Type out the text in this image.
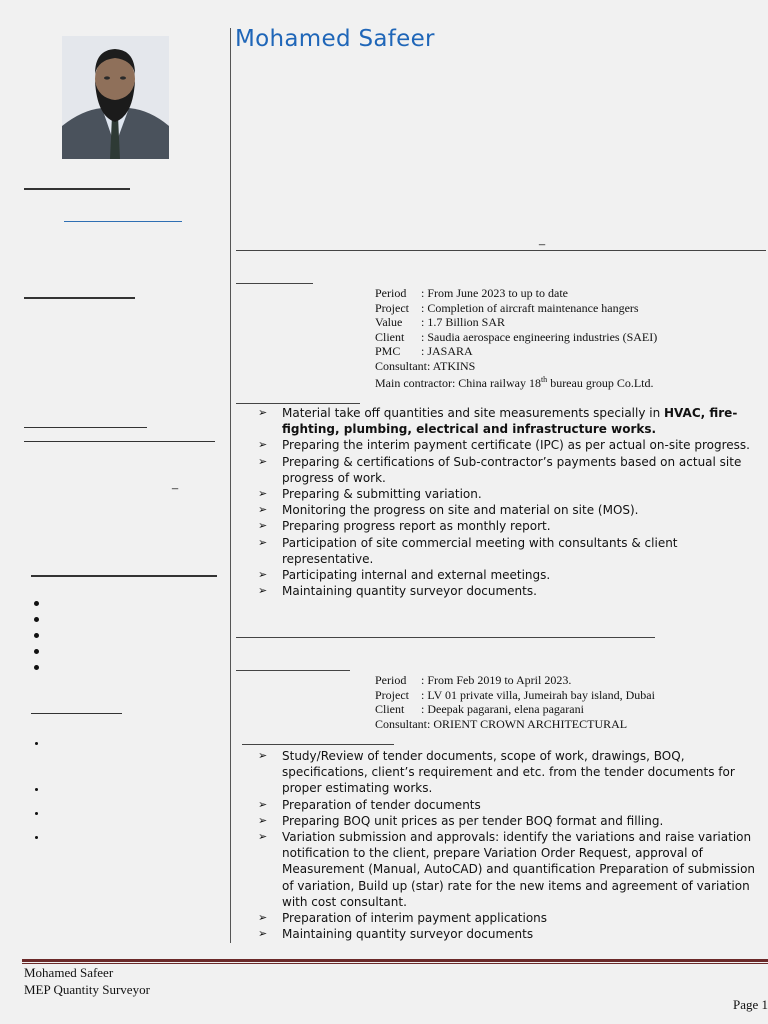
_
Mohamed Safeer
_
Period : From June 2023 to up to date
Project : Completion of aircraft maintenance hangers
Value : 1.7 Billion SAR
Client : Saudia aerospace engineering industries (SAEI)
PMC : JASARA
Consultant: ATKINS
Main contractor: China railway 18th bureau group Co.Ltd.
➢ Material take off quantities and site measurements specially in HVAC, fire-fighting, plumbing, electrical and infrastructure works.
➢ Preparing the interim payment certificate (IPC) as per actual on-site progress.
➢ Preparing & certifications of Sub-contractor’s payments based on actual site progress of work.
➢ Preparing & submitting variation.
➢ Monitoring the progress on site and material on site (MOS).
➢ Preparing progress report as monthly report.
➢ Participation of site commercial meeting with consultants & client representative.
➢ Participating internal and external meetings.
➢ Maintaining quantity surveyor documents.
Period : From Feb 2019 to April 2023.
Project : LV 01 private villa, Jumeirah bay island, Dubai
Client : Deepak pagarani, elena pagarani
Consultant: ORIENT CROWN ARCHITECTURAL
➢ Study/Review of tender documents, scope of work, drawings, BOQ, specifications, client’s requirement and etc. from the tender documents for proper estimating works.
➢ Preparation of tender documents
➢ Preparing BOQ unit prices as per tender BOQ format and filling.
➢ Variation submission and approvals: identify the variations and raise variation notification to the client, prepare Variation Order Request, approval of Measurement (Manual, AutoCAD) and quantification Preparation of submission of variation, Build up (star) rate for the new items and agreement of variation with cost consultant.
➢ Preparation of interim payment applications
➢ Maintaining quantity surveyor documents
Mohamed Safeer
MEP Quantity Surveyor
Page 1
